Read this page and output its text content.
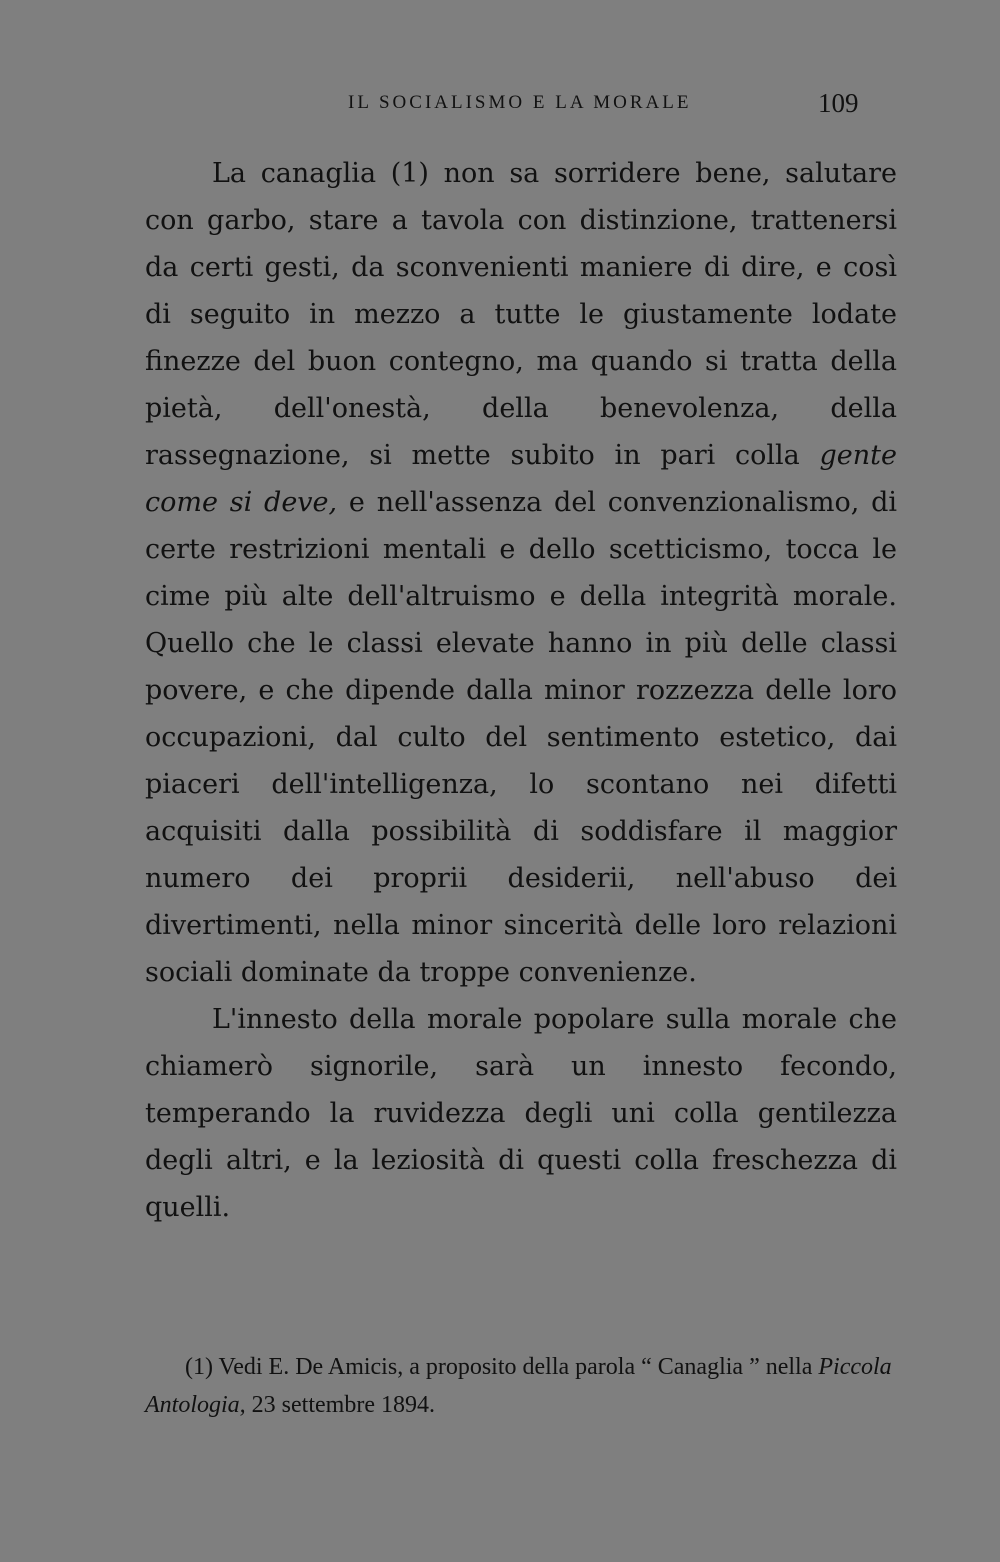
IL SOCIALISMO E LA MORALE	109

La canaglia (1) non sa sorridere bene, salutare con garbo, stare a tavola con distinzione, trattenersi da certi gesti, da sconvenienti maniere di dire, e così di seguito in mezzo a tutte le giustamente lodate finezze del buon contegno, ma quando si tratta della pietà, dell'onestà, della benevolenza, della rassegnazione, si mette subito in pari colla gente come si deve, e nell'assenza del convenzionalismo, di certe restrizioni mentali e dello scetticismo, tocca le cime più alte dell'altruismo e della integrità morale. Quello che le classi elevate hanno in più delle classi povere, e che dipende dalla minor rozzezza delle loro occupazioni, dal culto del sentimento estetico, dai piaceri dell'intelligenza, lo scontano nei difetti acquisiti dalla possibilità di soddisfare il maggior numero dei proprii desiderii, nell'abuso dei divertimenti, nella minor sincerità delle loro relazioni sociali dominate da troppe convenienze.

L'innesto della morale popolare sulla morale che chiamerò signorile, sarà un innesto fecondo, temperando la ruvidezza degli uni colla gentilezza degli altri, e la leziosità di questi colla freschezza di quelli.

(1) Vedi E. De Amicis, a proposito della parola “ Canaglia ” nella Piccola Antologia, 23 settembre 1894.
